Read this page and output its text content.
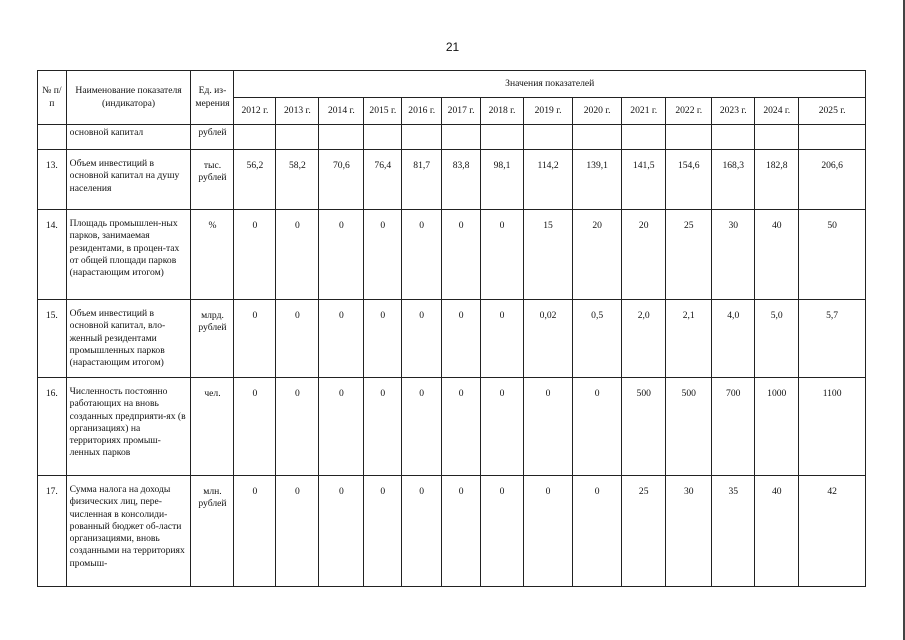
21
№ п/п	Наименование показателя (индикатора)	Ед. из-мерения	Значения показателей													
			2012 г.	2013 г.	2014 г.	2015 г.	2016 г.	2017 г.	2018 г.	2019 г.	2020 г.	2021 г.	2022 г.	2023 г.	2024 г.	2025 г.
	основной капитал	рублей														
13.	Объем инвестиций в основной капитал на душу населения	тыс. рублей	56,2	58,2	70,6	76,4	81,7	83,8	98,1	114,2	139,1	141,5	154,6	168,3	182,8	206,6
14.	Площадь промышлен-ных парков, занимаемая резидентами, в процен-тах от общей площади парков (нарастающим итогом)	%	0	0	0	0	0	0	0	15	20	20	25	30	40	50
15.	Объем инвестиций в основной капитал, вло-женный резидентами промышленных парков (нарастающим итогом)	млрд. рублей	0	0	0	0	0	0	0	0,02	0,5	2,0	2,1	4,0	5,0	5,7
16.	Численность постоянно работающих на вновь созданных предприяти-ях (в организациях) на территориях промыш-ленных парков	чел.	0	0	0	0	0	0	0	0	0	500	500	700	1000	1100
17.	Сумма налога на доходы физических лиц, пере-численная в консолиди-рованный бюджет об-ласти организациями, вновь созданными на территориях промыш-	млн. рублей	0	0	0	0	0	0	0	0	0	25	30	35	40	42
